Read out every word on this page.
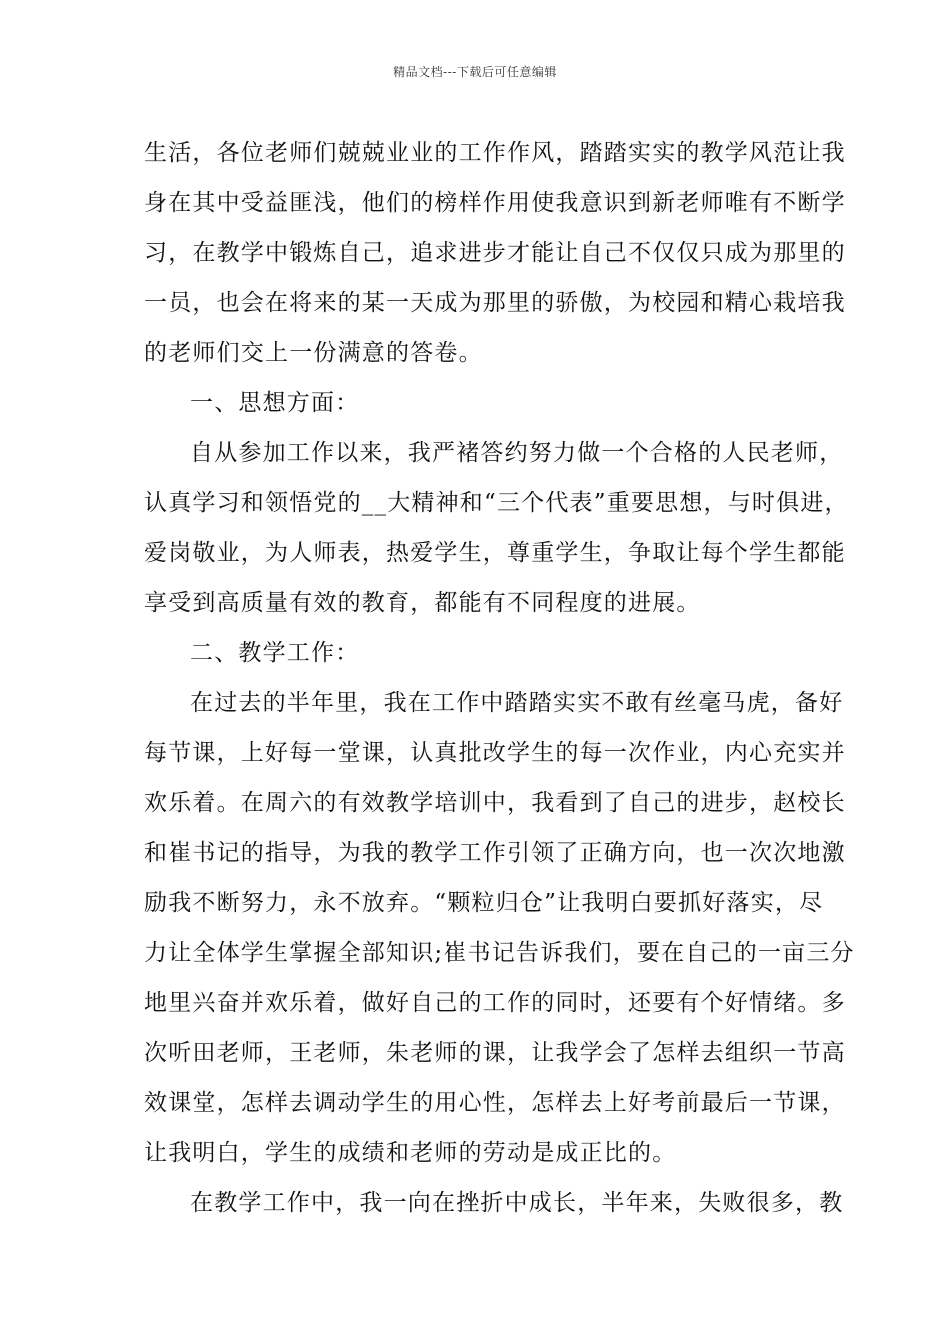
精品文档---下载后可任意编辑
生活，各位老师们兢兢业业的工作作风，踏踏实实的教学风范让我
身在其中受益匪浅，他们的榜样作用使我意识到新老师唯有不断学
习，在教学中锻炼自己，追求进步才能让自己不仅仅只成为那里的
一员，也会在将来的某一天成为那里的骄傲，为校园和精心栽培我
的老师们交上一份满意的答卷。
一、思想方面：
自从参加工作以来，我严褚答约努力做一个合格的人民老师，
认真学习和领悟党的__大精神和“三个代表”重要思想，与时俱进，
爱岗敬业，为人师表，热爱学生，尊重学生，争取让每个学生都能
享受到高质量有效的教育，都能有不同程度的进展。
二、教学工作：
在过去的半年里，我在工作中踏踏实实不敢有丝毫马虎，备好
每节课，上好每一堂课，认真批改学生的每一次作业，内心充实并
欢乐着。在周六的有效教学培训中，我看到了自己的进步，赵校长
和崔书记的指导，为我的教学工作引领了正确方向，也一次次地激
励我不断努力，永不放弃。“颗粒归仓”让我明白要抓好落实，尽
力让全体学生掌握全部知识;崔书记告诉我们，要在自己的一亩三分
地里兴奋并欢乐着，做好自己的工作的同时，还要有个好情绪。多
次听田老师，王老师，朱老师的课，让我学会了怎样去组织一节高
效课堂，怎样去调动学生的用心性，怎样去上好考前最后一节课，
让我明白，学生的成绩和老师的劳动是成正比的。
在教学工作中，我一向在挫折中成长，半年来，失败很多，教
